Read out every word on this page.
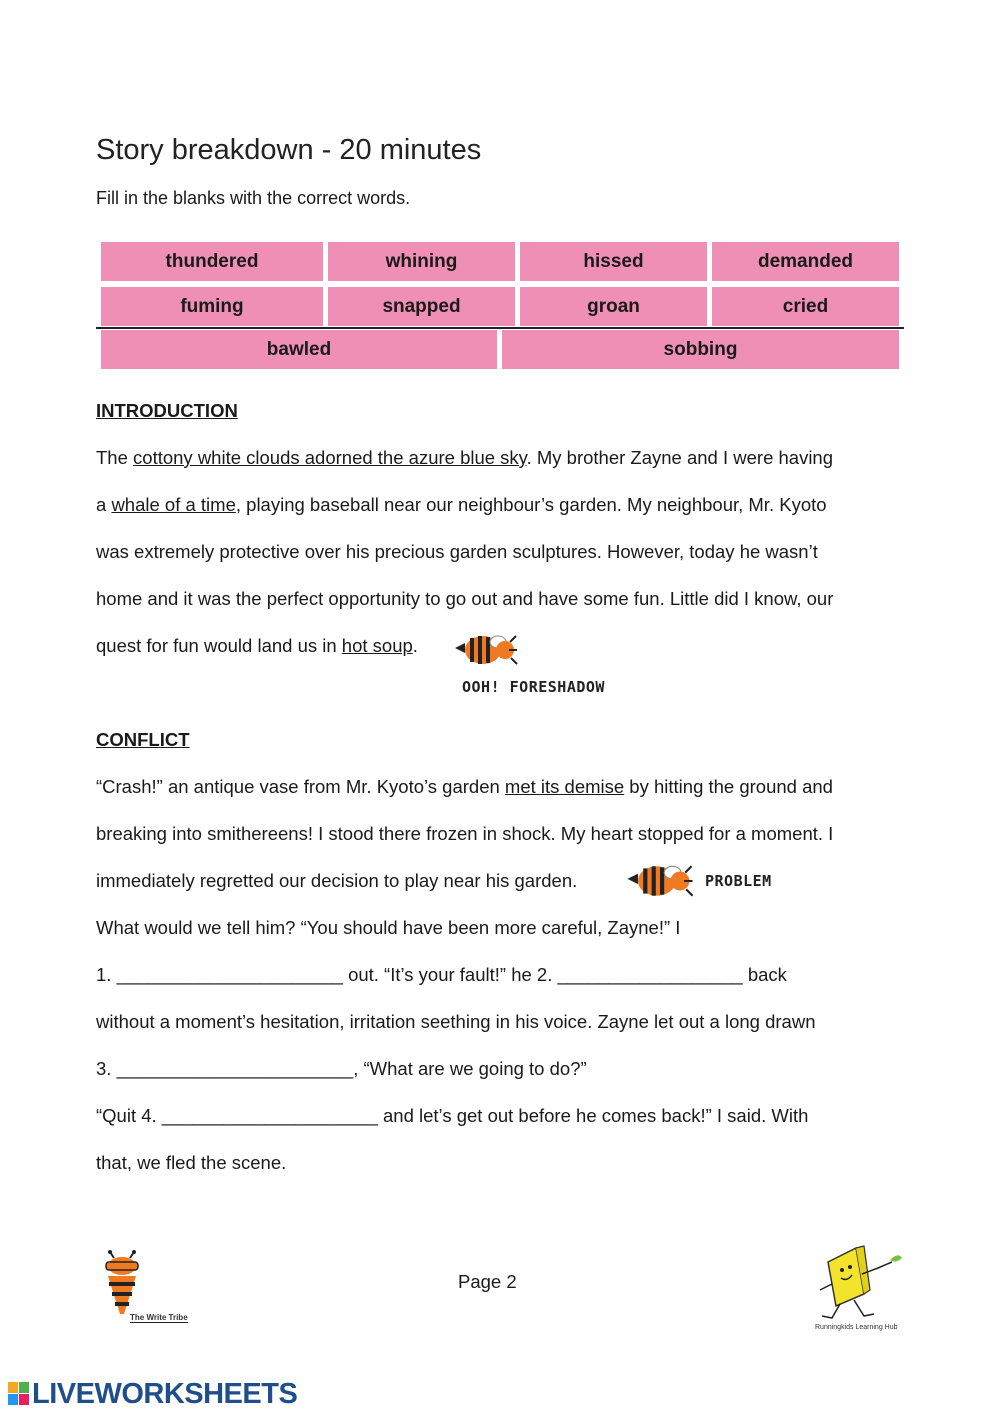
Story breakdown - 20 minutes
Fill in the blanks with the correct words.
thundered	whining	hissed	demanded
fuming	snapped	groan	cried
bawled	sobbing
INTRODUCTION
The cottony white clouds adorned the azure blue sky. My brother Zayne and I were having
a whale of a time, playing baseball near our neighbour’s garden. My neighbour, Mr. Kyoto
was extremely protective over his precious garden sculptures. However, today he wasn’t
home and it was the perfect opportunity to go out and have some fun. Little did I know, our
quest for fun would land us in hot soup.
OOH! FORESHADOW
CONFLICT
“Crash!” an antique vase from Mr. Kyoto’s garden met its demise by hitting the ground and
breaking into smithereens! I stood there frozen in shock. My heart stopped for a moment. I
immediately regretted our decision to play near his garden.	PROBLEM
What would we tell him? “You should have been more careful, Zayne!” I
1. ______________________ out. “It’s your fault!” he 2. __________________ back
without a moment’s hesitation, irritation seething in his voice. Zayne let out a long drawn
3. _______________________, “What are we going to do?”
“Quit 4. _____________________ and let’s get out before he comes back!” I said. With
that, we fled the scene.
The Write Tribe
Page 2
Runningkids Learning Hub
LIVEWORKSHEETS
